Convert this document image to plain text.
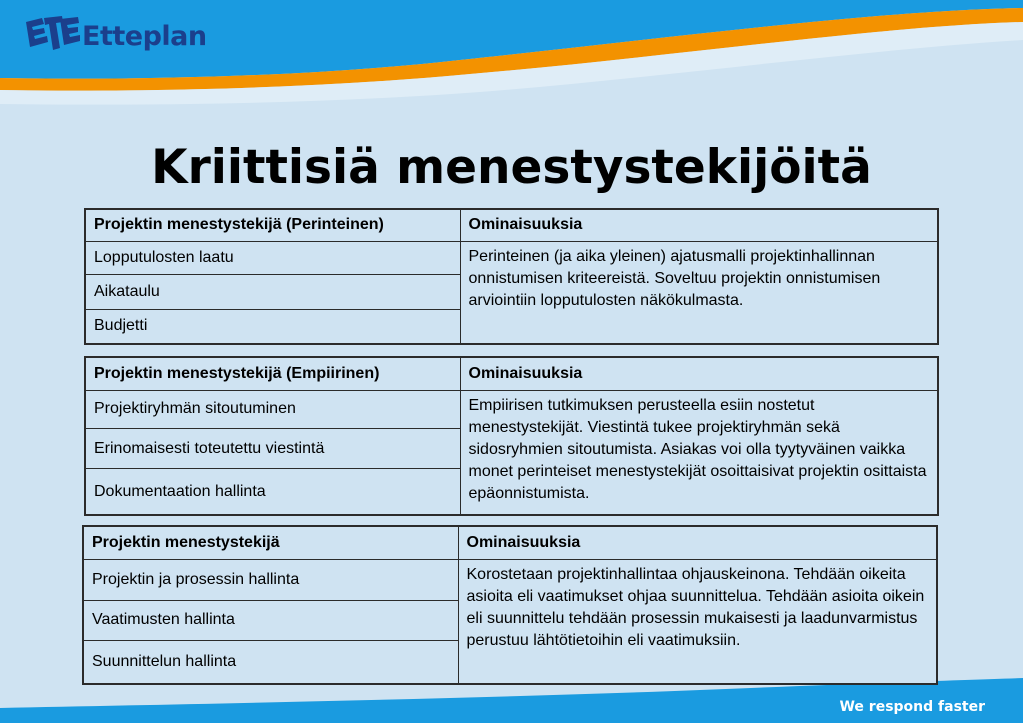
Etteplan
Kriittisiä menestystekijöitä
Projektin menestystekijä (Perinteinen)	Ominaisuuksia
Lopputulosten laatu	Perinteinen (ja aika yleinen) ajatusmalli projektinhallinnan onnistumisen kriteereistä. Soveltuu projektin onnistumisen arviointiin lopputulosten näkökulmasta.
Aikataulu	
Budjetti	
Projektin menestystekijä (Empiirinen)	Ominaisuuksia
Projektiryhmän sitoutuminen	Empiirisen tutkimuksen perusteella esiin nostetut menestystekijät. Viestintä tukee projektiryhmän sekä sidosryhmien sitoutumista. Asiakas voi olla tyytyväinen vaikka monet perinteiset menestystekijät osoittaisivat projektin osittaista epäonnistumista.
Erinomaisesti toteutettu viestintä	
Dokumentaation hallinta	
Projektin menestystekijä	Ominaisuuksia
Projektin ja prosessin hallinta	Korostetaan projektinhallintaa ohjauskeinona. Tehdään oikeita asioita eli vaatimukset ohjaa suunnittelua. Tehdään asioita oikein eli suunnittelu tehdään prosessin mukaisesti ja laadunvarmistus perustuu lähtötietoihin eli vaatimuksiin.
Vaatimusten hallinta	
Suunnittelun hallinta	
We respond faster
